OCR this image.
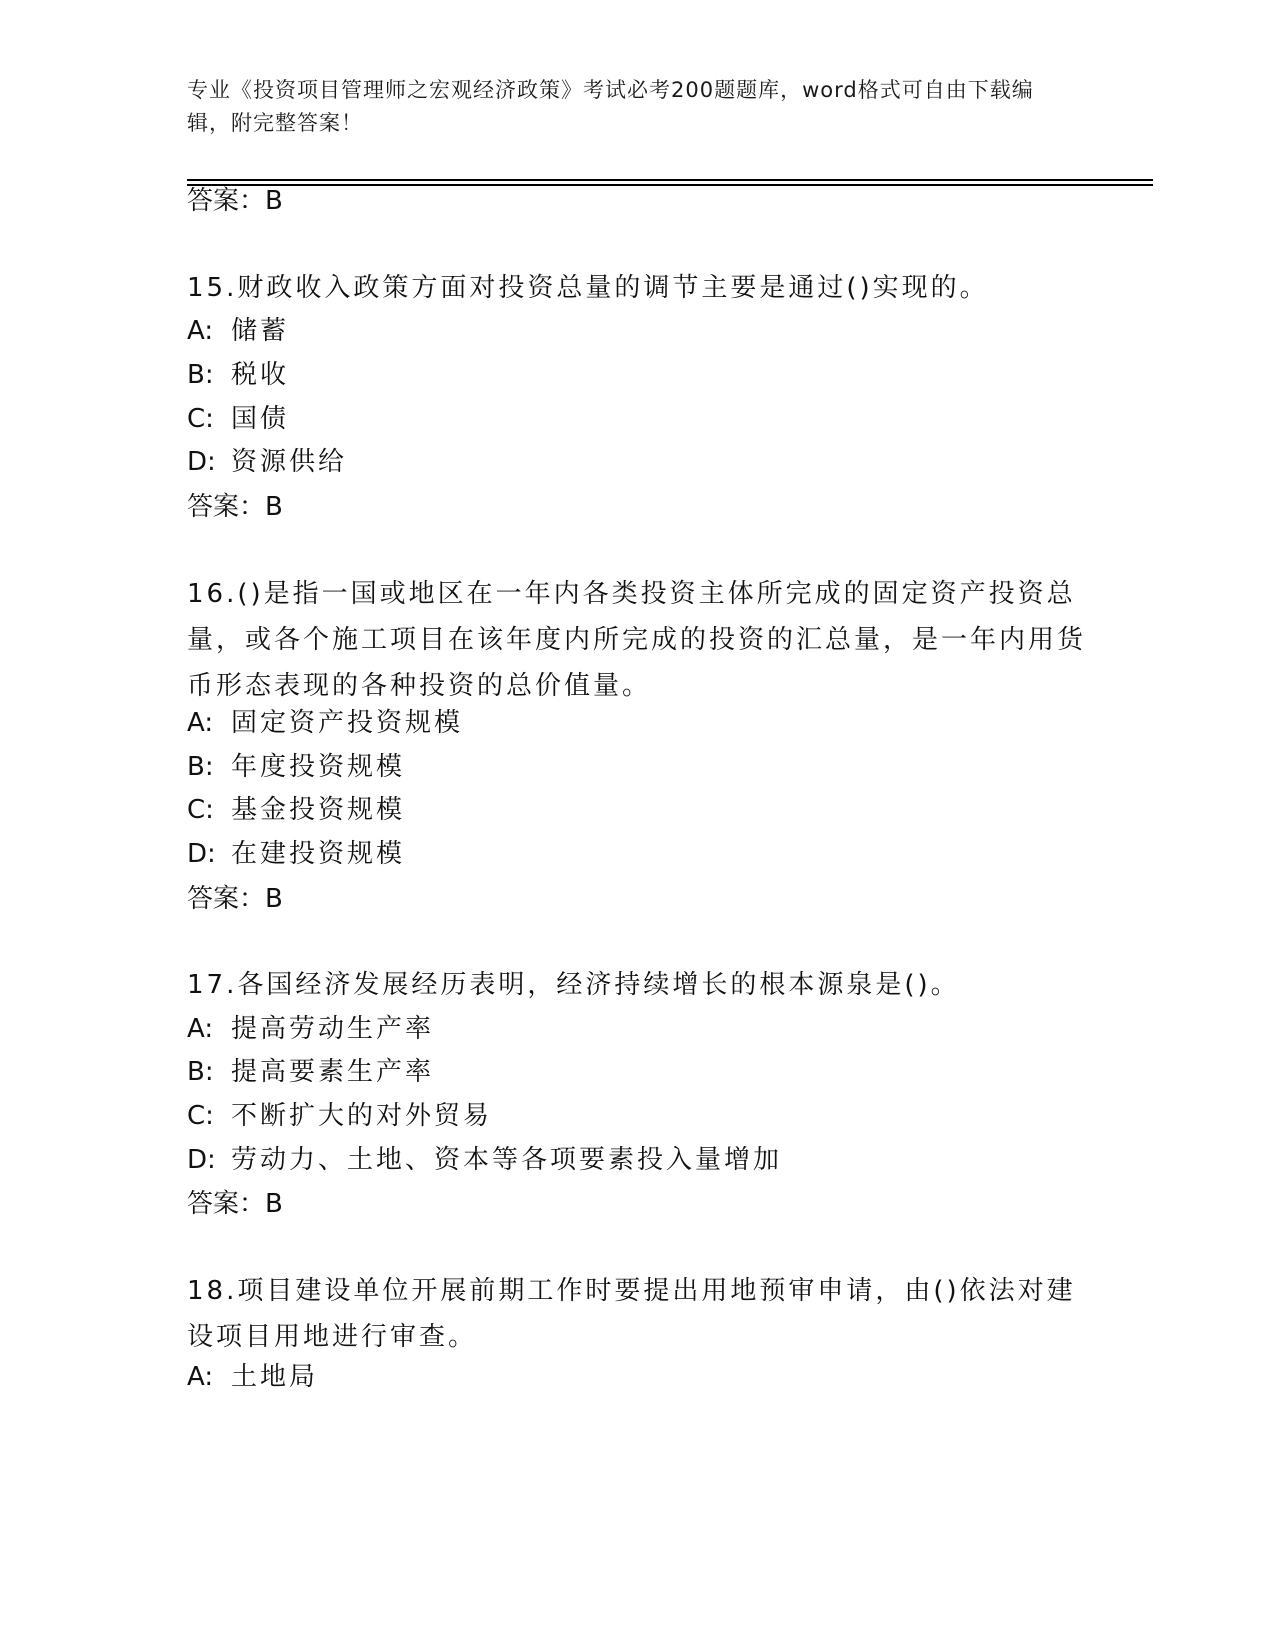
专业《投资项目管理师之宏观经济政策》考试必考200题题库，word格式可自由下载编辑，附完整答案！
答案：B
15.财政收入政策方面对投资总量的调节主要是通过()实现的。
A: 储蓄
B: 税收
C: 国债
D: 资源供给
答案：B
16.()是指一国或地区在一年内各类投资主体所完成的固定资产投资总量，或各个施工项目在该年度内所完成的投资的汇总量，是一年内用货币形态表现的各种投资的总价值量。
A: 固定资产投资规模
B: 年度投资规模
C: 基金投资规模
D: 在建投资规模
答案：B
17.各国经济发展经历表明，经济持续增长的根本源泉是()。
A: 提高劳动生产率
B: 提高要素生产率
C: 不断扩大的对外贸易
D: 劳动力、土地、资本等各项要素投入量增加
答案：B
18.项目建设单位开展前期工作时要提出用地预审申请，由()依法对建设项目用地进行审查。
A: 土地局
